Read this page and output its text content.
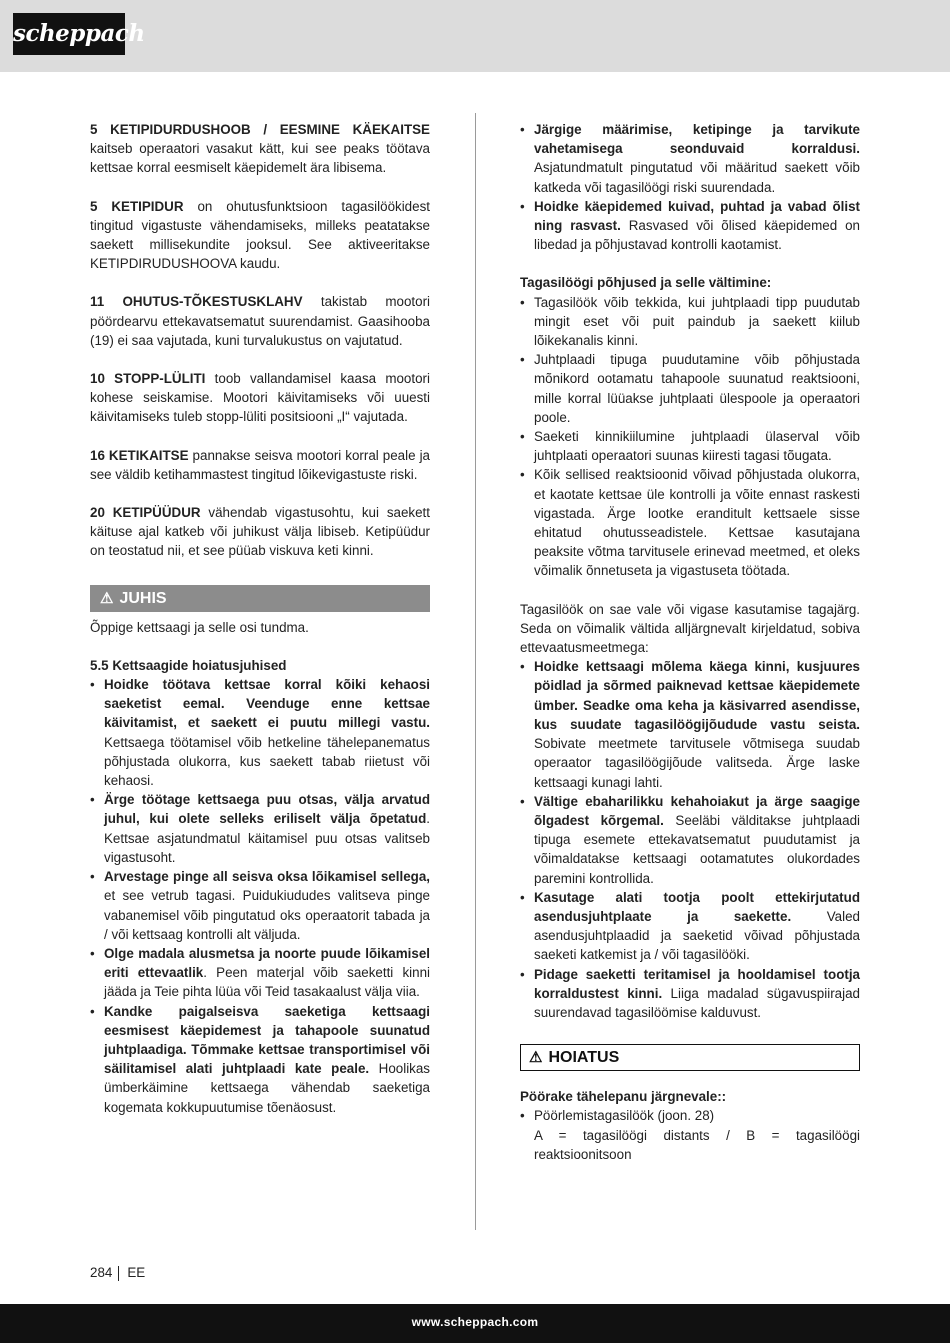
scheppach

5 KETIPIDURDUSHOOB / EESMINE KÄEKAITSE kaitseb operaatori vasakut kätt, kui see peaks töötava kettsae korral eesmiselt käepidemelt ära libisema.

5 KETIPIDUR on ohutusfunktsioon tagasilöökidest tingitud vigastuste vähendamiseks, milleks peatatakse saekett millisekundite jooksul. See aktiveeritakse KETIPDIRUDUSHOOVA kaudu.

11 OHUTUS-TÕKESTUSKLAHV takistab mootori pöördearvu ettekavatsematut suurendamist. Gaasihooba (19) ei saa vajutada, kuni turvalukustus on vajutatud.

10 STOPP-LÜLITI toob vallandamisel kaasa mootori kohese seiskamise. Mootori käivitamiseks või uuesti käivitamiseks tuleb stopp-lüliti positsiooni „I“ vajutada.

16 KETIKAITSE pannakse seisva mootori korral peale ja see väldib ketihammastest tingitud lõikevigastuste riski.

20 KETIPÜÜDUR vähendab vigastusohtu, kui saekett käituse ajal katkeb või juhikust välja libiseb. Ketipüüdur on teostatud nii, et see püüab viskuva keti kinni.

⚠ JUHIS

Õppige kettsaagi ja selle osi tundma.

5.5 Kettsaagide hoiatusjuhised

• Hoidke töötava kettsae korral kõiki kehaosi saeketist eemal. Veenduge enne kettsae käivitamist, et saekett ei puutu millegi vastu. Kettsaega töötamisel võib hetkeline tähelepanematus põhjustada olukorra, kus saekett tabab riietust või kehaosi.
• Ärge töötage kettsaega puu otsas, välja arvatud juhul, kui olete selleks eriliselt välja õpetatud. Kettsae asjatundmatul käitamisel puu otsas valitseb vigastusoht.
• Arvestage pinge all seisva oksa lõikamisel sellega, et see vetrub tagasi. Puidukiududes valitseva pinge vabanemisel võib pingutatud oks operaatorit tabada ja / või kettsaag kontrolli alt väljuda.
• Olge madala alusmetsa ja noorte puude lõikamisel eriti ettevaatlik. Peen materjal võib saeketti kinni jääda ja Teie pihta lüüa või Teid tasakaalust välja viia.
• Kandke paigalseisva saeketiga kettsaagi eesmisest käepidemest ja tahapoole suunatud juhtplaadiga. Tõmmake kettsae transportimisel või säilitamisel alati juhtplaadi kate peale. Hoolikas ümberkäimine kettsaega vähendab saeketiga kogemata kokkupuutumise tõenäosust.
• Järgige määrimise, ketipinge ja tarvikute vahetamisega seonduvaid korraldusi. Asjatundmatult pingutatud või määritud saekett võib katkeda või tagasilöögi riski suurendada.
• Hoidke käepidemed kuivad, puhtad ja vabad õlist ning rasvast. Rasvased või õlised käepidemed on libedad ja põhjustavad kontrolli kaotamist.

Tagasilöögi põhjused ja selle vältimine:

• Tagasilöök võib tekkida, kui juhtplaadi tipp puudutab mingit eset või puit paindub ja saekett kiilub lõikekanalis kinni.
• Juhtplaadi tipuga puudutamine võib põhjustada mõnikord ootamatu tahapoole suunatud reaktsiooni, mille korral lüüakse juhtplaati ülespoole ja operaatori poole.
• Saeketi kinnikiilumine juhtplaadi ülaserval võib juhtplaati operaatori suunas kiiresti tagasi tõugata.
• Kõik sellised reaktsioonid võivad põhjustada olukorra, et kaotate kettsae üle kontrolli ja võite ennast raskesti vigastada. Ärge lootke eranditult kettsaele sisse ehitatud ohutusseadistele. Kettsae kasutajana peaksite võtma tarvitusele erinevad meetmed, et oleks võimalik õnnetuseta ja vigastuseta töötada.

Tagasilöök on sae vale või vigase kasutamise tagajärg. Seda on võimalik vältida alljärgnevalt kirjeldatud, sobiva ettevaatusmeetmega:

• Hoidke kettsaagi mõlema käega kinni, kusjuures pöidlad ja sõrmed paiknevad kettsae käepidemete ümber. Seadke oma keha ja käsivarred asendisse, kus suudate tagasilöögijõudude vastu seista. Sobivate meetmete tarvitusele võtmisega suudab operaator tagasilöögijõude valitseda. Ärge laske kettsaagi kunagi lahti.
• Vältige ebaharilikku kehahoiakut ja ärge saagige õlgadest kõrgemal. Seeläbi välditakse juhtplaadi tipuga esemete ettekavatsematut puudutamist ja võimaldatakse kettsaagi ootamatutes olukordades paremini kontrollida.
• Kasutage alati tootja poolt ettekirjutatud asendusjuhtplaate ja saekette. Valed asendusjuhtplaadid ja saeketid võivad põhjustada saeketi katkemist ja / või tagasilööki.
• Pidage saeketti teritamisel ja hooldamisel tootja korraldustest kinni. Liiga madalad sügavuspiirajad suurendavad tagasilöömise kalduvust.
⚠ HOIATUS

Pöörake tähelepanu järgnevale::

• Pöörlemistagasilöök (joon. 28)
A = tagasilöögi distants / B = tagasilöögi reaktsioonitsoon
284 EE
www.scheppach.com
